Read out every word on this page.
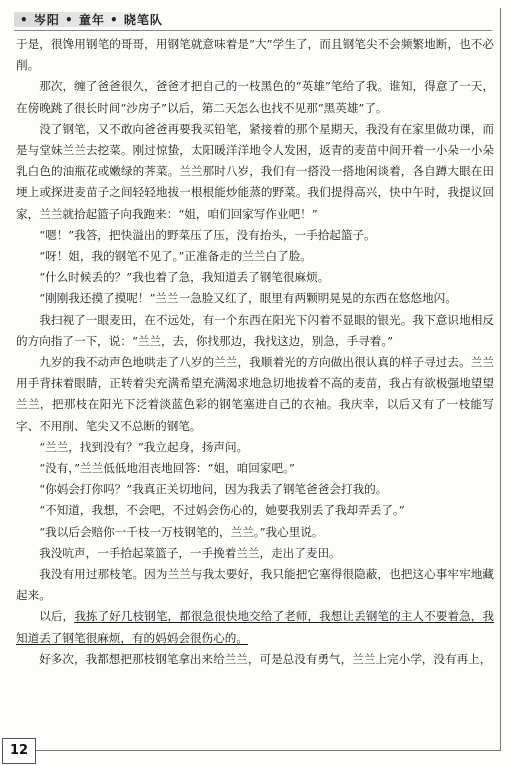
• 岑阳 • 童年 • 晓笔队

于是，很馋用钢笔的哥哥，用钢笔就意味着是“大”学生了，而且钢笔尖不会频繁地断，也不必削。

那次，缠了爸爸很久，爸爸才把自己的一枝黑色的“英雄”笔给了我。谁知，得意了一天，在傍晚跳了很长时间“沙房子”以后，第二天怎么也找不见那“黑英雄”了。

没了钢笔，又不敢向爸爸再要我买铅笔，紧接着的那个星期天，我没有在家里做功课，而是与堂妹兰兰去挖菜。刚过惊蛰，太阳暖洋洋地令人发困，返青的麦苗中间开着一小朵一小朵乳白色的油瓶花或嫩绿的荠菜。兰兰那时八岁，我们有一搭没一搭地闲谈着，各自蹲大眼在田埂上或探进麦苗子之间轻轻地拔一根根能炒能蒸的野菜。我们提得高兴，快中午时，我提议回家，兰兰就拾起篮子向我跑来：“姐，咱们回家写作业吧！”

“嗯！”我答，把快溢出的野菜压了压，没有抬头，一手拾起篮子。

“呀！姐，我的钢笔不见了。”正准备走的兰兰白了脸。

“什么时候丢的？”我也着了急，我知道丢了钢笔很麻烦。

“刚刚我还摸了摸呢！”兰兰一急脸又红了，眼里有两颗明晃晃的东西在悠悠地闪。

我扫视了一眼麦田，在不远处，有一个东西在阳光下闪着不显眼的银光。我下意识地相反的方向指了一下，说：“兰兰，去，你找那边，我找这边，别急，手寻着。”

九岁的我不动声色地哄走了八岁的兰兰，我顺着光的方向做出很认真的样子寻过去。兰兰用手背抹着眼睛，正转着尖充满希望充满渴求地急切地拔着不高的麦苗，我占有欲极强地望望兰兰，把那枝在阳光下泛着淡蓝色彩的钢笔塞进自己的衣袖。我庆幸，以后又有了一枝能写字、不用削、笔尖又不总断的钢笔。

“兰兰，找到没有？”我立起身，扬声问。

“没有，”兰兰低低地泪丧地回答：“姐，咱回家吧。”

“你妈会打你吗？”我真正关切地问，因为我丢了钢笔爸爸会打我的。

“不知道，我想，不会吧，不过妈会伤心的，她要我别丢了我却弄丢了。”

“我以后会赔你一千枝一万枝钢笔的，兰兰。”我心里说。

我没吭声，一手拾起菜篮子，一手挽着兰兰，走出了麦田。

我没有用过那枝笔。因为兰兰与我太要好，我只能把它塞得很隐蔽，也把这心事牢牢地藏起来。

以后，我拣了好几枝钢笔，都很急很快地交给了老师，我想让丢钢笔的主人不要着急，我知道丢了钢笔很麻烦，有的妈妈会很伤心的。

好多次，我都想把那枝钢笔拿出来给兰兰，可是总没有勇气，兰兰上完小学，没有再上，

12
